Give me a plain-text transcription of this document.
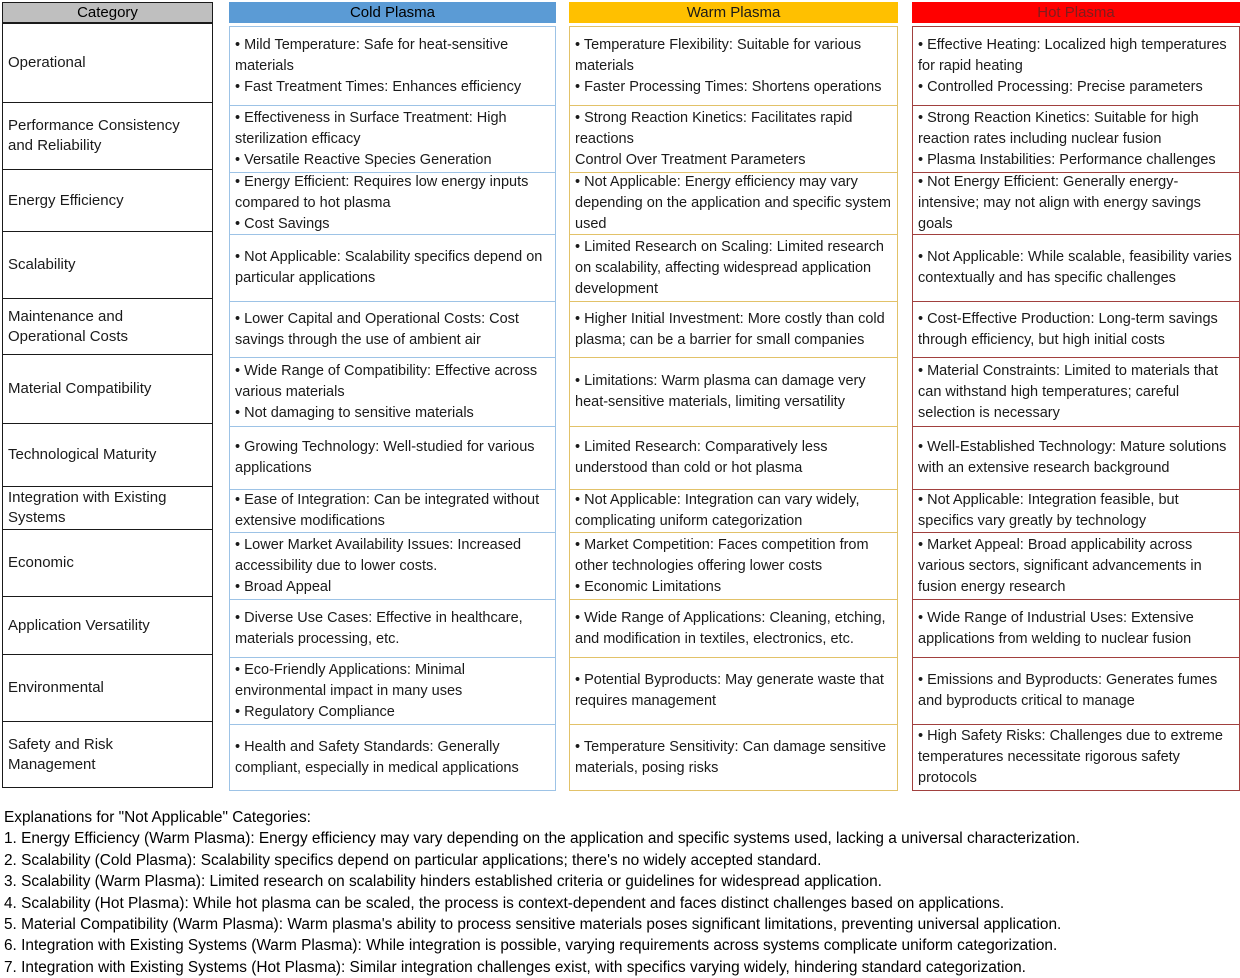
Category
Operational
Performance Consistency and Reliability
Energy Efficiency
Scalability
Maintenance and Operational Costs
Material Compatibility
Technological Maturity
Integration with Existing Systems
Economic
Application Versatility
Environmental
Safety and Risk Management
Cold Plasma
• Mild Temperature: Safe for heat-sensitive materials
• Fast Treatment Times: Enhances efficiency
• Effectiveness in Surface Treatment: High sterilization efficacy
• Versatile Reactive Species Generation
• Energy Efficient: Requires low energy inputs compared to hot plasma
• Cost Savings
• Not Applicable: Scalability specifics depend on particular applications
• Lower Capital and Operational Costs: Cost savings through the use of ambient air
• Wide Range of Compatibility: Effective across various materials
• Not damaging to sensitive materials
• Growing Technology: Well-studied for various applications
• Ease of Integration: Can be integrated without extensive modifications
• Lower Market Availability Issues: Increased accessibility due to lower costs.
• Broad Appeal
• Diverse Use Cases: Effective in healthcare, materials processing, etc.
• Eco-Friendly Applications: Minimal environmental impact in many uses
• Regulatory Compliance
• Health and Safety Standards: Generally compliant, especially in medical applications
Warm Plasma
• Temperature Flexibility: Suitable for various materials
• Faster Processing Times: Shortens operations
• Strong Reaction Kinetics: Facilitates rapid reactions
Control Over Treatment Parameters
• Not Applicable: Energy efficiency may vary depending on the application and specific system used
• Limited Research on Scaling: Limited research on scalability, affecting widespread application development
• Higher Initial Investment: More costly than cold plasma; can be a barrier for small companies
• Limitations: Warm plasma can damage very heat-sensitive materials, limiting versatility
• Limited Research: Comparatively less understood than cold or hot plasma
• Not Applicable: Integration can vary widely, complicating uniform categorization
• Market Competition: Faces competition from other technologies offering lower costs
• Economic Limitations
• Wide Range of Applications: Cleaning, etching, and modification in textiles, electronics, etc.
• Potential Byproducts: May generate waste that requires management
• Temperature Sensitivity: Can damage sensitive materials, posing risks
Hot Plasma
• Effective Heating: Localized high temperatures for rapid heating
• Controlled Processing: Precise parameters
• Strong Reaction Kinetics: Suitable for high reaction rates including nuclear fusion
• Plasma Instabilities: Performance challenges
• Not Energy Efficient: Generally energy-intensive; may not align with energy savings goals
• Not Applicable: While scalable, feasibility varies contextually and has specific challenges
• Cost-Effective Production: Long-term savings through efficiency, but high initial costs
• Material Constraints: Limited to materials that can withstand high temperatures; careful selection is necessary
• Well-Established Technology: Mature solutions with an extensive research background
• Not Applicable: Integration feasible, but specifics vary greatly by technology
• Market Appeal: Broad applicability across various sectors, significant advancements in fusion energy research
• Wide Range of Industrial Uses: Extensive applications from welding to nuclear fusion
• Emissions and Byproducts: Generates fumes and byproducts critical to manage
• High Safety Risks: Challenges due to extreme temperatures necessitate rigorous safety protocols
Explanations for "Not Applicable" Categories:
1. Energy Efficiency (Warm Plasma): Energy efficiency may vary depending on the application and specific systems used, lacking a universal characterization.
2. Scalability (Cold Plasma): Scalability specifics depend on particular applications; there's no widely accepted standard.
3. Scalability (Warm Plasma): Limited research on scalability hinders established criteria or guidelines for widespread application.
4. Scalability (Hot Plasma): While hot plasma can be scaled, the process is context-dependent and faces distinct challenges based on applications.
5. Material Compatibility (Warm Plasma): Warm plasma's ability to process sensitive materials poses significant limitations, preventing universal application.
6. Integration with Existing Systems (Warm Plasma): While integration is possible, varying requirements across systems complicate uniform categorization.
7. Integration with Existing Systems (Hot Plasma): Similar integration challenges exist, with specifics varying widely, hindering standard categorization.
